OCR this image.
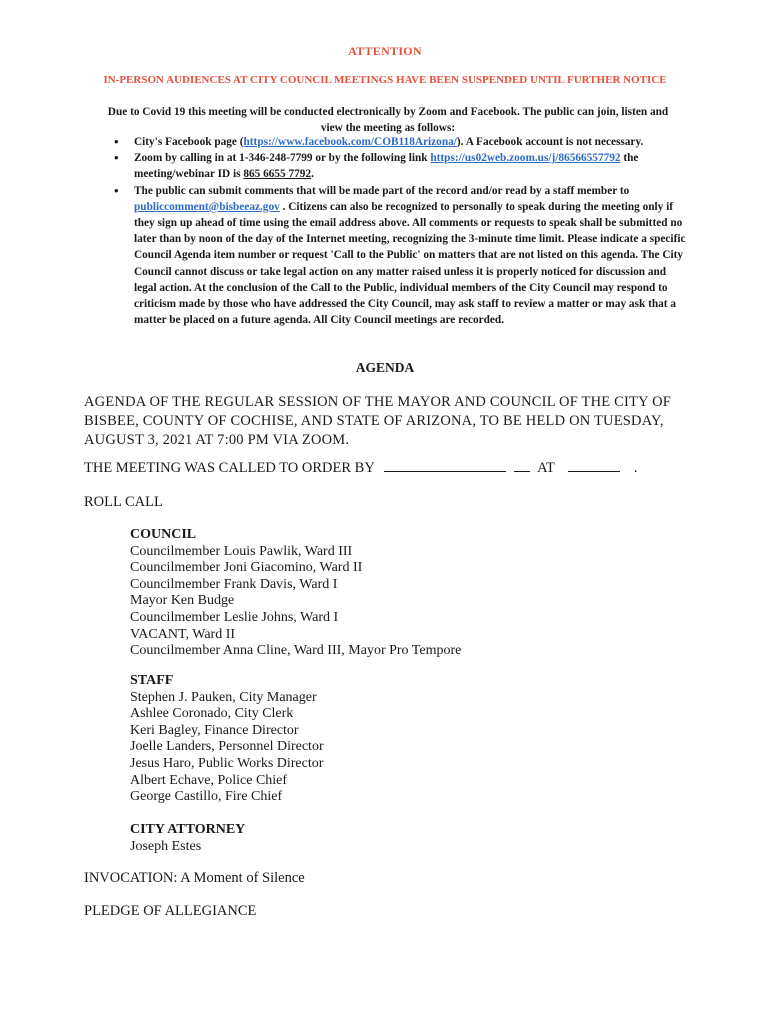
ATTENTION
IN-PERSON AUDIENCES AT CITY COUNCIL MEETINGS HAVE BEEN SUSPENDED UNTIL FURTHER NOTICE
Due to Covid 19 this meeting will be conducted electronically by Zoom and Facebook. The public can join, listen and view the meeting as follows:
• City's Facebook page (https://www.facebook.com/COB118Arizona/). A Facebook account is not necessary.
• Zoom by calling in at 1-346-248-7799 or by the following link https://us02web.zoom.us/j/86566557792 the meeting/webinar ID is 865 6655 7792.
• The public can submit comments that will be made part of the record and/or read by a staff member to publiccomment@bisbeeaz.gov . Citizens can also be recognized to personally to speak during the meeting only if they sign up ahead of time using the email address above. All comments or requests to speak shall be submitted no later than by noon of the day of the Internet meeting, recognizing the 3-minute time limit. Please indicate a specific Council Agenda item number or request 'Call to the Public' on matters that are not listed on this agenda. The City Council cannot discuss or take legal action on any matter raised unless it is properly noticed for discussion and legal action. At the conclusion of the Call to the Public, individual members of the City Council may respond to criticism made by those who have addressed the City Council, may ask staff to review a matter or may ask that a matter be placed on a future agenda. All City Council meetings are recorded.
AGENDA
AGENDA OF THE REGULAR SESSION OF THE MAYOR AND COUNCIL OF THE CITY OF BISBEE, COUNTY OF COCHISE, AND STATE OF ARIZONA, TO BE HELD ON TUESDAY, AUGUST 3, 2021 AT 7:00 PM VIA ZOOM.
THE MEETING WAS CALLED TO ORDER BY	AT	.
ROLL CALL
COUNCIL
Councilmember Louis Pawlik, Ward III
Councilmember Joni Giacomino, Ward II
Councilmember Frank Davis, Ward I
Mayor Ken Budge
Councilmember Leslie Johns, Ward I
VACANT, Ward II
Councilmember Anna Cline, Ward III, Mayor Pro Tempore
STAFF
Stephen J. Pauken, City Manager
Ashlee Coronado, City Clerk
Keri Bagley, Finance Director
Joelle Landers, Personnel Director
Jesus Haro, Public Works Director
Albert Echave, Police Chief
George Castillo, Fire Chief
CITY ATTORNEY
Joseph Estes
INVOCATION: A Moment of Silence
PLEDGE OF ALLEGIANCE
